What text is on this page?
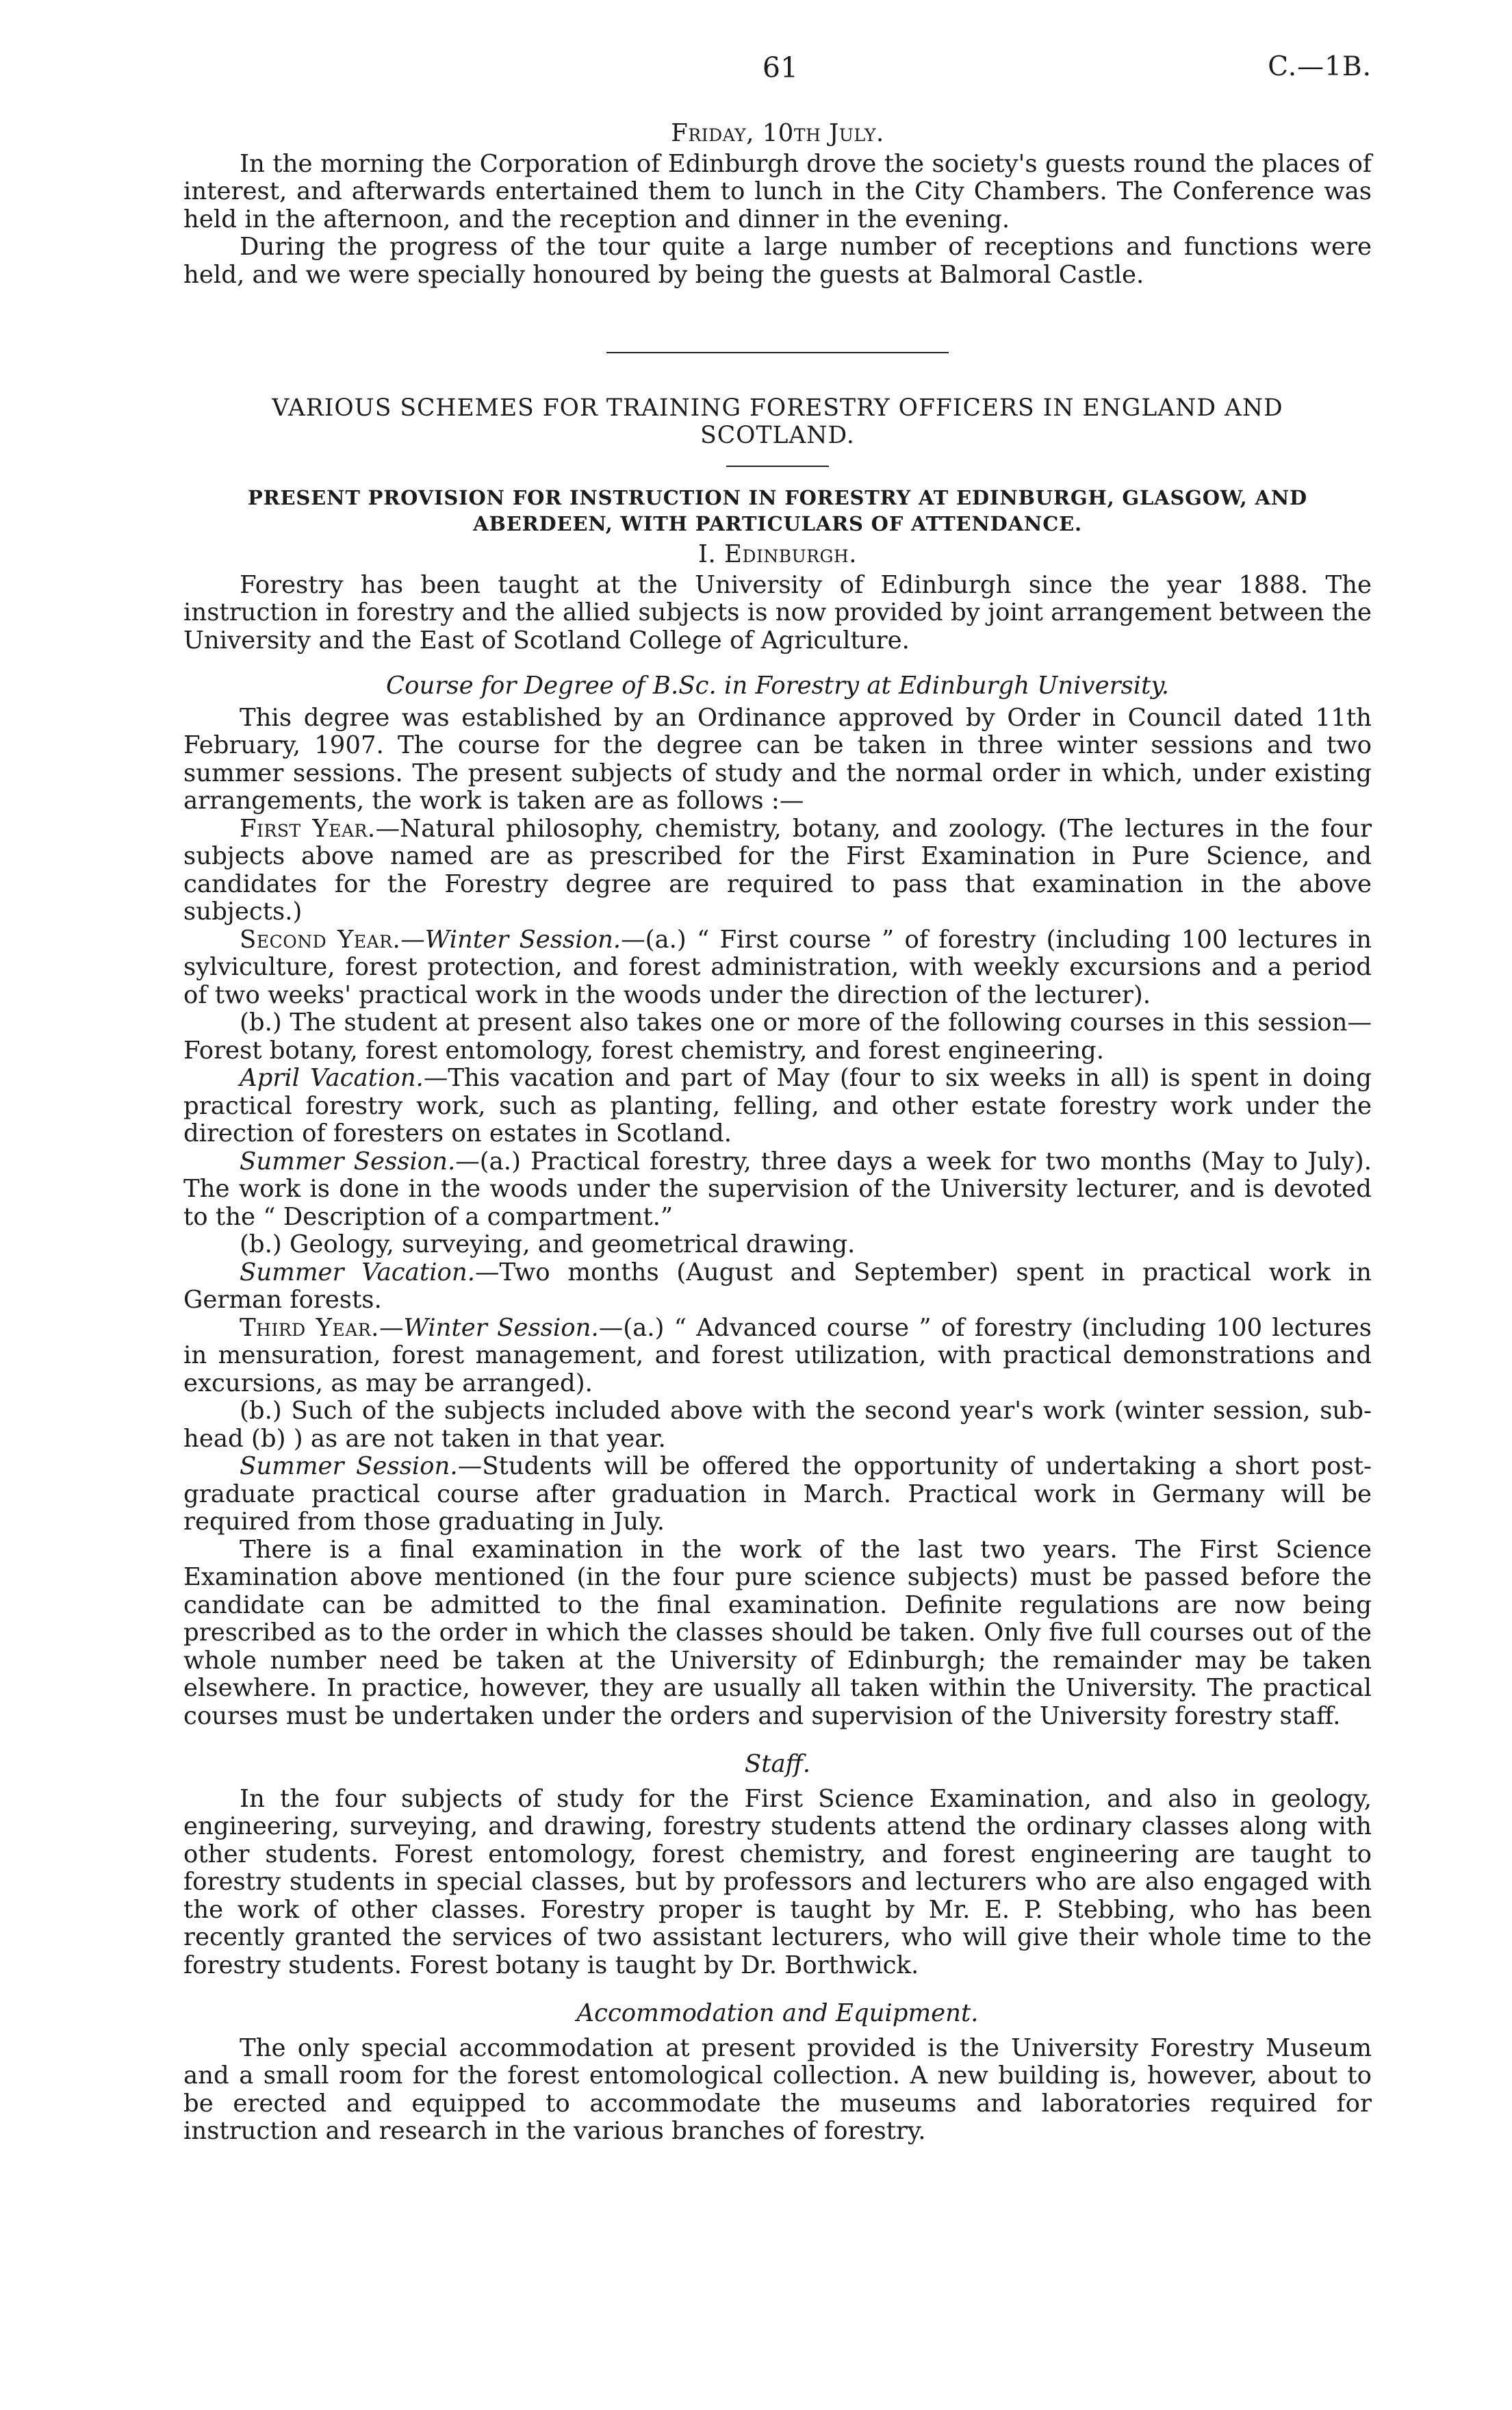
61	C.—1B.

Friday, 10th July.

In the morning the Corporation of Edinburgh drove the society's guests round the places of interest, and afterwards entertained them to lunch in the City Chambers. The Conference was held in the afternoon, and the reception and dinner in the evening.

During the progress of the tour quite a large number of receptions and functions were held, and we were specially honoured by being the guests at Balmoral Castle.

VARIOUS SCHEMES FOR TRAINING FORESTRY OFFICERS IN ENGLAND AND SCOTLAND.

PRESENT PROVISION FOR INSTRUCTION IN FORESTRY AT EDINBURGH, GLASGOW, AND ABERDEEN, WITH PARTICULARS OF ATTENDANCE.

I. Edinburgh.

Forestry has been taught at the University of Edinburgh since the year 1888. The instruction in forestry and the allied subjects is now provided by joint arrangement between the University and the East of Scotland College of Agriculture.

Course for Degree of B.Sc. in Forestry at Edinburgh University.

This degree was established by an Ordinance approved by Order in Council dated 11th February, 1907. The course for the degree can be taken in three winter sessions and two summer sessions. The present subjects of study and the normal order in which, under existing arrangements, the work is taken are as follows :—

First Year.—Natural philosophy, chemistry, botany, and zoology. (The lectures in the four subjects above named are as prescribed for the First Examination in Pure Science, and candidates for the Forestry degree are required to pass that examination in the above subjects.)

Second Year.—Winter Session.—(a.) “ First course ” of forestry (including 100 lectures in sylviculture, forest protection, and forest administration, with weekly excursions and a period of two weeks' practical work in the woods under the direction of the lecturer).

(b.) The student at present also takes one or more of the following courses in this session—Forest botany, forest entomology, forest chemistry, and forest engineering.

April Vacation.—This vacation and part of May (four to six weeks in all) is spent in doing practical forestry work, such as planting, felling, and other estate forestry work under the direction of foresters on estates in Scotland.

Summer Session.—(a.) Practical forestry, three days a week for two months (May to July). The work is done in the woods under the supervision of the University lecturer, and is devoted to the “ Description of a compartment.”

(b.) Geology, surveying, and geometrical drawing.

Summer Vacation.—Two months (August and September) spent in practical work in German forests.

Third Year.—Winter Session.—(a.) “ Advanced course ” of forestry (including 100 lectures in mensuration, forest management, and forest utilization, with practical demonstrations and excursions, as may be arranged).

(b.) Such of the subjects included above with the second year's work (winter session, sub-head (b) ) as are not taken in that year.

Summer Session.—Students will be offered the opportunity of undertaking a short post-graduate practical course after graduation in March. Practical work in Germany will be required from those graduating in July.

There is a final examination in the work of the last two years. The First Science Examination above mentioned (in the four pure science subjects) must be passed before the candidate can be admitted to the final examination. Definite regulations are now being prescribed as to the order in which the classes should be taken. Only five full courses out of the whole number need be taken at the University of Edinburgh; the remainder may be taken elsewhere. In practice, however, they are usually all taken within the University. The practical courses must be undertaken under the orders and supervision of the University forestry staff.

Staff.

In the four subjects of study for the First Science Examination, and also in geology, engineering, surveying, and drawing, forestry students attend the ordinary classes along with other students. Forest entomology, forest chemistry, and forest engineering are taught to forestry students in special classes, but by professors and lecturers who are also engaged with the work of other classes. Forestry proper is taught by Mr. E. P. Stebbing, who has been recently granted the services of two assistant lecturers, who will give their whole time to the forestry students. Forest botany is taught by Dr. Borthwick.

Accommodation and Equipment.

The only special accommodation at present provided is the University Forestry Museum and a small room for the forest entomological collection. A new building is, however, about to be erected and equipped to accommodate the museums and laboratories required for instruction and research in the various branches of forestry.
